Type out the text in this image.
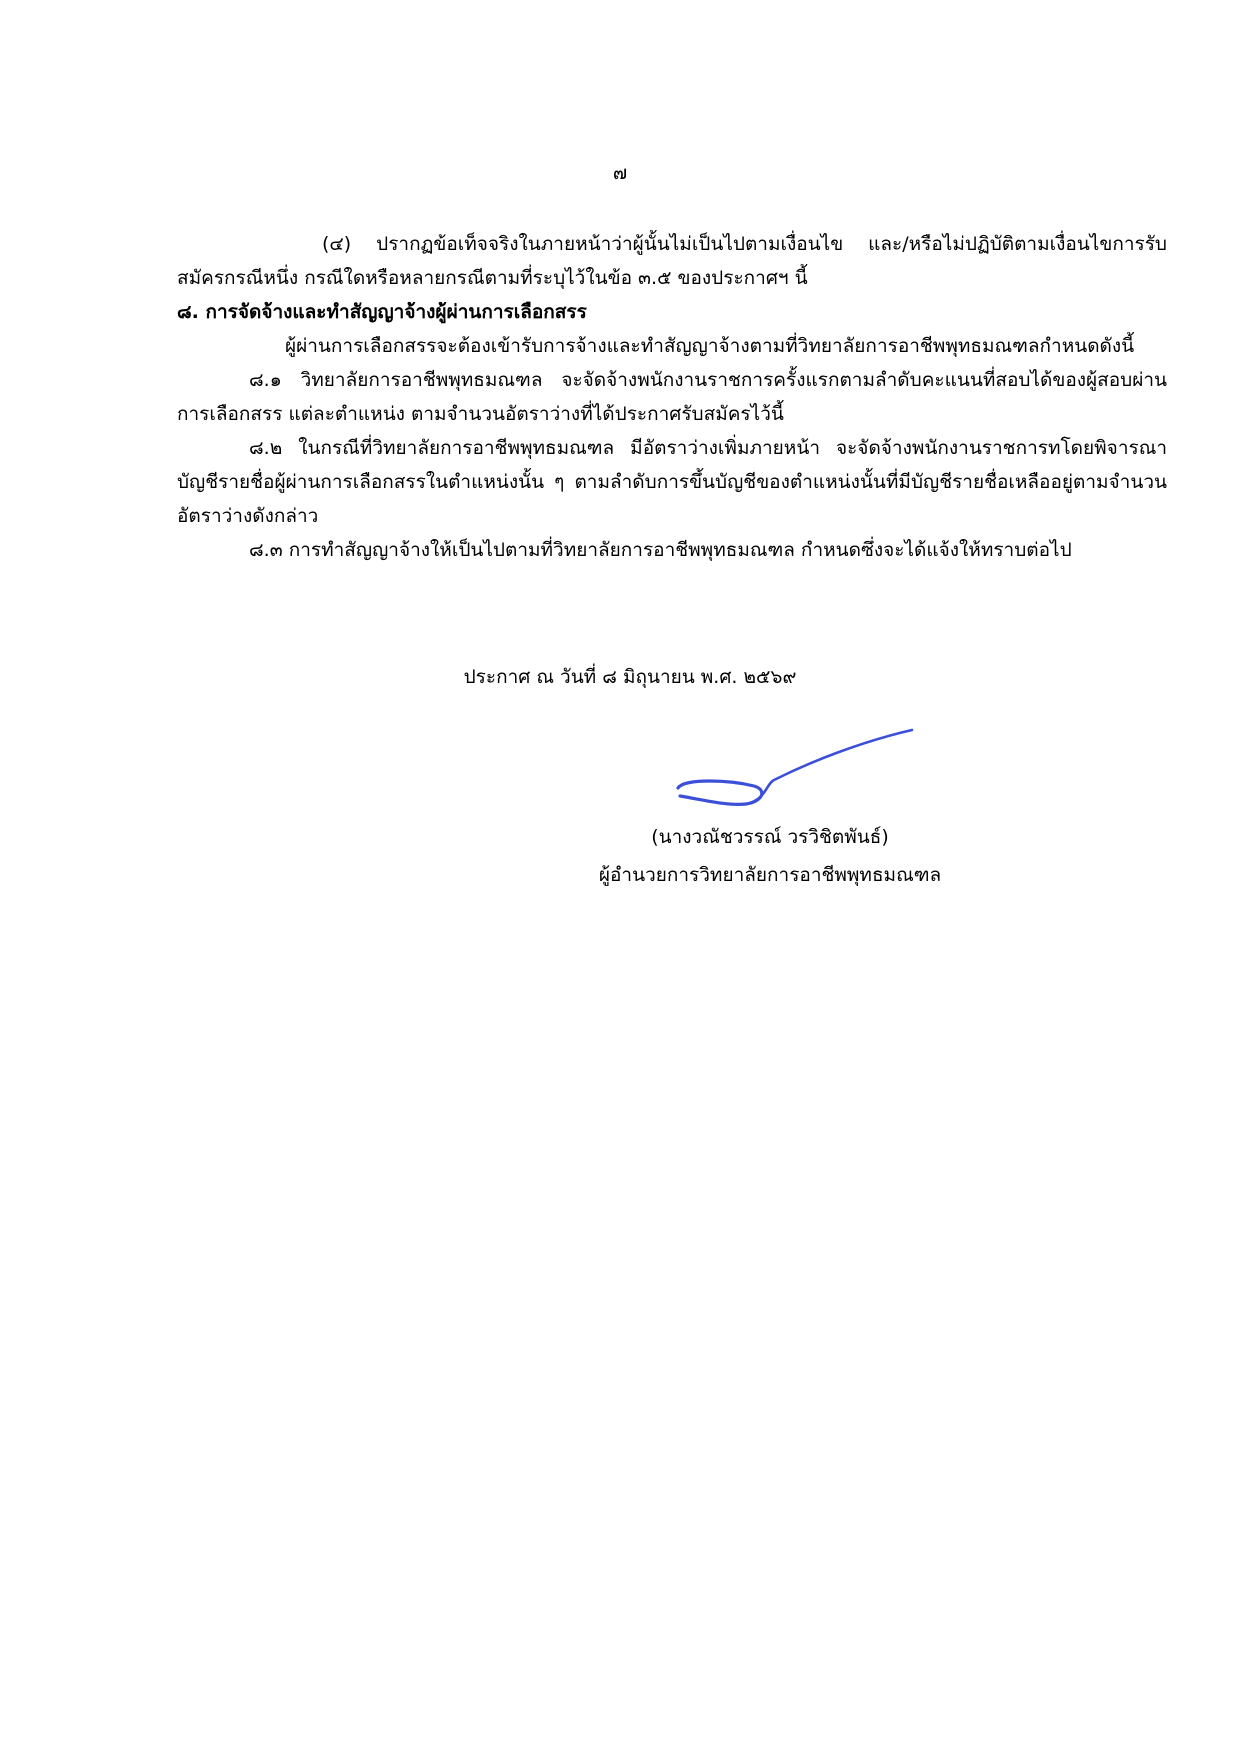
๗

(๔) ปรากฏข้อเท็จจริงในภายหน้าว่าผู้นั้นไม่เป็นไปตามเงื่อนไข และ/หรือไม่ปฏิบัติตามเงื่อนไขการรับสมัครกรณีหนึ่ง กรณีใดหรือหลายกรณีตามที่ระบุไว้ในข้อ ๓.๕ ของประกาศฯ นี้

๘. การจัดจ้างและทำสัญญาจ้างผู้ผ่านการเลือกสรร

ผู้ผ่านการเลือกสรรจะต้องเข้ารับการจ้างและทำสัญญาจ้างตามที่วิทยาลัยการอาชีพพุทธมณฑลกำหนดดังนี้

๘.๑ วิทยาลัยการอาชีพพุทธมณฑล จะจัดจ้างพนักงานราชการครั้งแรกตามลำดับคะแนนที่สอบได้ของผู้สอบผ่านการเลือกสรร แต่ละตำแหน่ง ตามจำนวนอัตราว่างที่ได้ประกาศรับสมัครไว้นี้

๘.๒ ในกรณีที่วิทยาลัยการอาชีพพุทธมณฑล มีอัตราว่างเพิ่มภายหน้า จะจัดจ้างพนักงานราชการทโดยพิจารณาบัญชีรายชื่อผู้ผ่านการเลือกสรรในตำแหน่งนั้น ๆ ตามลำดับการขึ้นบัญชีของตำแหน่งนั้นที่มีบัญชีรายชื่อเหลืออยู่ตามจำนวนอัตราว่างดังกล่าว

๘.๓ การทำสัญญาจ้างให้เป็นไปตามที่วิทยาลัยการอาชีพพุทธมณฑล กำหนดซึ่งจะได้แจ้งให้ทราบต่อไป

ประกาศ ณ วันที่ ๘ มิถุนายน พ.ศ. ๒๕๖๙
(นางวณัชวรรณ์ วรวิชิตพันธ์)
ผู้อำนวยการวิทยาลัยการอาชีพพุทธมณฑล
